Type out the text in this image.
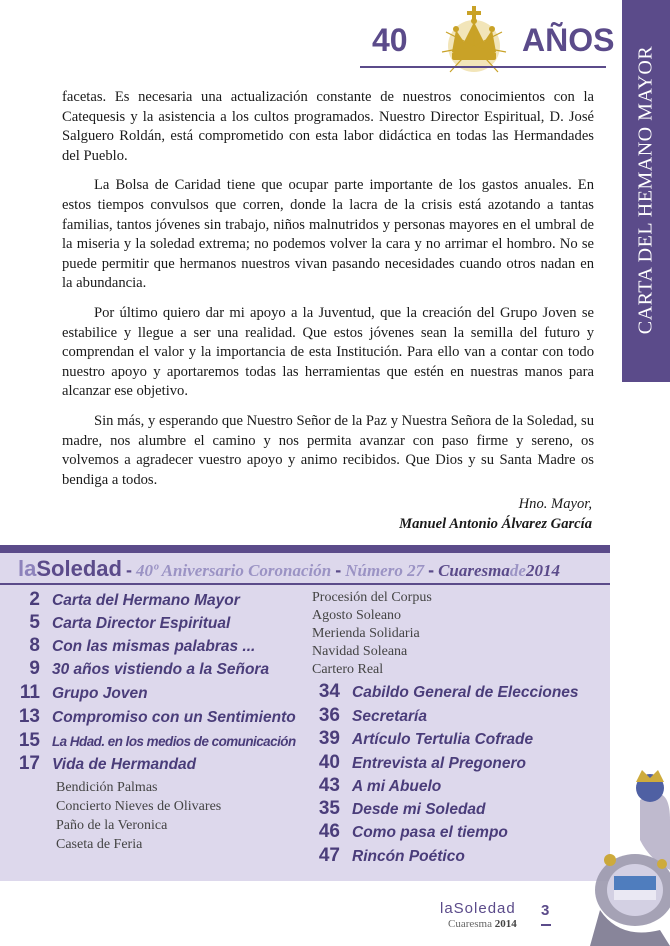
CARTA DEL HEMANO MAYOR
40	AÑOS

facetas. Es necesaria una actualización constante de nuestros conocimientos con la Catequesis y la asistencia a los cultos programados. Nuestro Director Espiritual, D. José Salguero Roldán, está comprometido con esta labor didáctica en todas las Hermandades del Pueblo.

La Bolsa de Caridad tiene que ocupar parte importante de los gastos anuales. En estos tiempos convulsos que corren, donde la lacra de la crisis está azotando a tantas familias, tantos jóvenes sin trabajo, niños malnutridos y personas mayores en el umbral de la miseria y la soledad extrema; no podemos volver la cara y no arrimar el hombro. No se puede permitir que hermanos nuestros vivan pasando necesidades cuando otros nadan en la abundancia.

Por último quiero dar mi apoyo a la Juventud, que la creación del Grupo Joven se estabilice y llegue a ser una realidad. Que estos jóvenes sean la semilla del futuro y comprendan el valor y la importancia de esta Institución. Para ello van a contar con todo nuestro apoyo y aportaremos todas las herramientas que estén en nuestras manos para alcanzar ese objetivo.

Sin más, y esperando que Nuestro Señor de la Paz y Nuestra Señora de la Soledad, su madre, nos alumbre el camino y nos permita avanzar con paso firme y sereno, os volvemos a agradecer vuestro apoyo y animo recibidos. Que Dios y su Santa Madre os bendiga a todos.

Hno. Mayor,
Manuel Antonio Álvarez García
laSoledad - 40º Aniversario Coronación - Número 27 - Cuaresmade2014
2 Carta del Hermano Mayor
5 Carta Director Espiritual
8 Con las mismas palabras ...
9 30 años vistiendo a la Señora
11 Grupo Joven
13 Compromiso con un Sentimiento
15 La Hdad. en los medios de comunicación
17 Vida de Hermandad
Bendición Palmas
Concierto Nieves de Olivares
Paño de la Veronica
Caseta de Feria
Procesión del Corpus
Agosto Soleano
Merienda Solidaria
Navidad Soleana
Cartero Real
34 Cabildo General de Elecciones
36 Secretaría
39 Artículo Tertulia Cofrade
40 Entrevista al Pregonero
43 A mi Abuelo
35 Desde mi Soledad
46 Como pasa el tiempo
47 Rincón Poético
laSoledad
Cuaresma 2014
3
